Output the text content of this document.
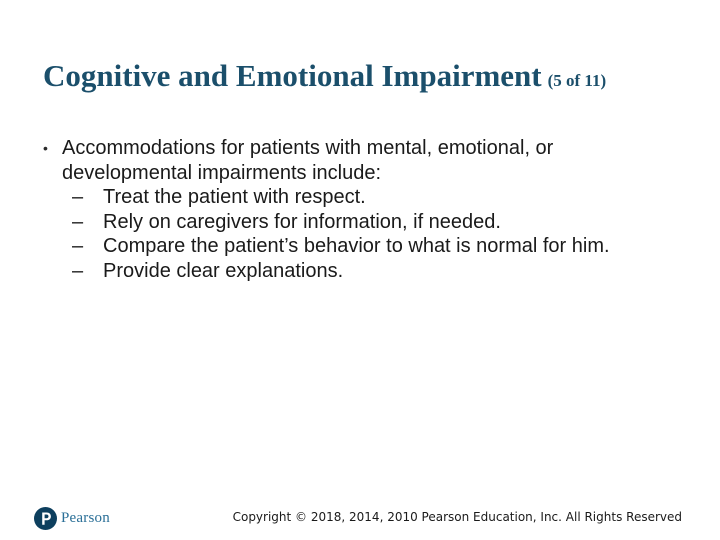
Cognitive and Emotional Impairment (5 of 11)
• Accommodations for patients with mental, emotional, or developmental impairments include:
– Treat the patient with respect.
– Rely on caregivers for information, if needed.
– Compare the patient’s behavior to what is normal for him.
– Provide clear explanations.
Pearson	Copyright © 2018, 2014, 2010 Pearson Education, Inc. All Rights Reserved
